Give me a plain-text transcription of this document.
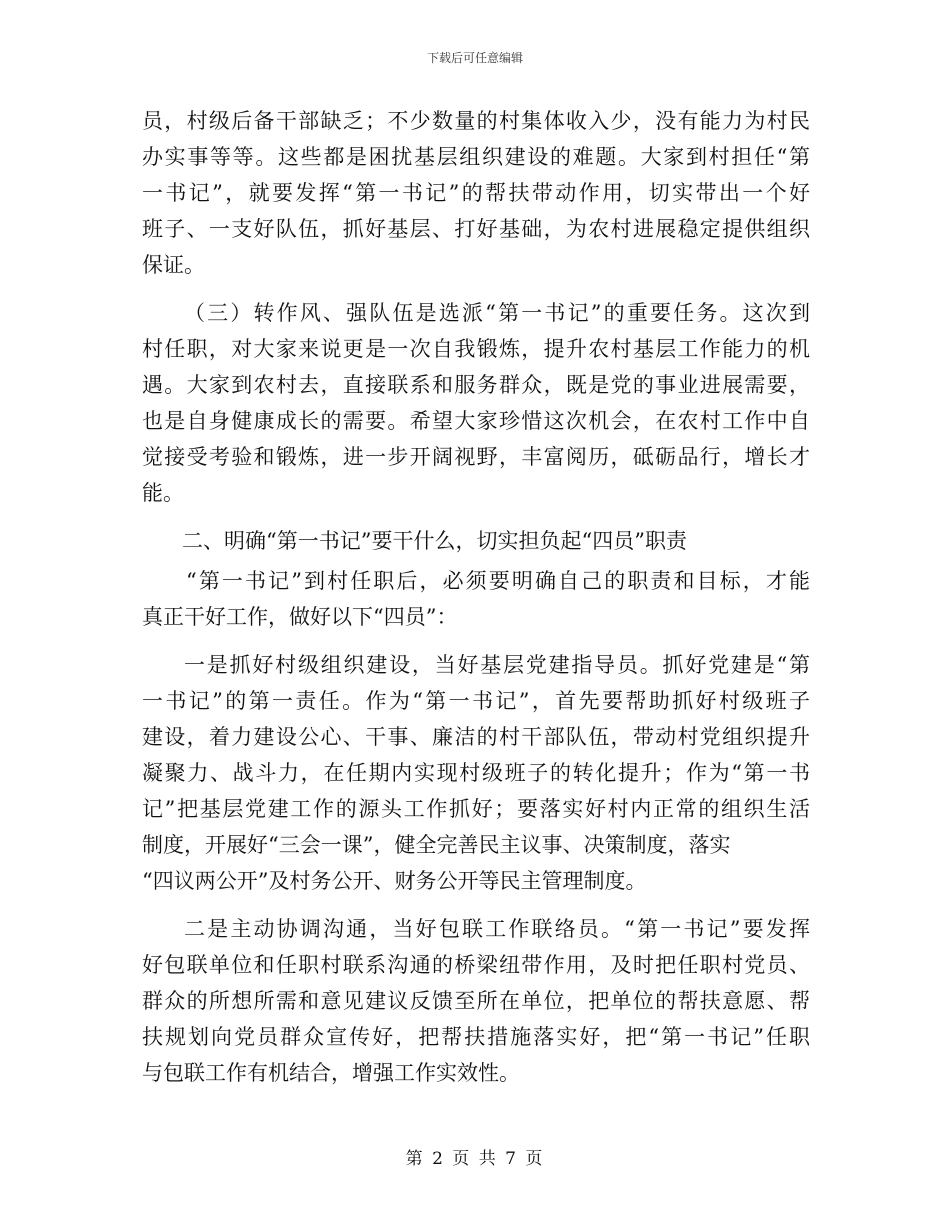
下载后可任意编辑
员，村级后备干部缺乏；不少数量的村集体收入少，没有能力为村民
办实事等等。这些都是困扰基层组织建设的难题。大家到村担任“第
一书记”，就要发挥“第一书记”的帮扶带动作用，切实带出一个好
班子、一支好队伍，抓好基层、打好基础，为农村进展稳定提供组织
保证。
（三）转作风、强队伍是选派“第一书记”的重要任务。这次到
村任职，对大家来说更是一次自我锻炼，提升农村基层工作能力的机
遇。大家到农村去，直接联系和服务群众，既是党的事业进展需要，
也是自身健康成长的需要。希望大家珍惜这次机会，在农村工作中自
觉接受考验和锻炼，进一步开阔视野，丰富阅历，砥砺品行，增长才
能。
二、明确“第一书记”要干什么，切实担负起“四员”职责
“第一书记”到村任职后，必须要明确自己的职责和目标，才能
真正干好工作，做好以下“四员”：
一是抓好村级组织建设，当好基层党建指导员。抓好党建是“第
一书记”的第一责任。作为“第一书记”，首先要帮助抓好村级班子
建设，着力建设公心、干事、廉洁的村干部队伍，带动村党组织提升
凝聚力、战斗力，在任期内实现村级班子的转化提升；作为“第一书
记”把基层党建工作的源头工作抓好；要落实好村内正常的组织生活
制度，开展好“三会一课”，健全完善民主议事、决策制度，落实
“四议两公开”及村务公开、财务公开等民主管理制度。
二是主动协调沟通，当好包联工作联络员。“第一书记”要发挥
好包联单位和任职村联系沟通的桥梁纽带作用，及时把任职村党员、
群众的所想所需和意见建议反馈至所在单位，把单位的帮扶意愿、帮
扶规划向党员群众宣传好，把帮扶措施落实好，把“第一书记”任职
与包联工作有机结合，增强工作实效性。
第 2 页 共 7 页
